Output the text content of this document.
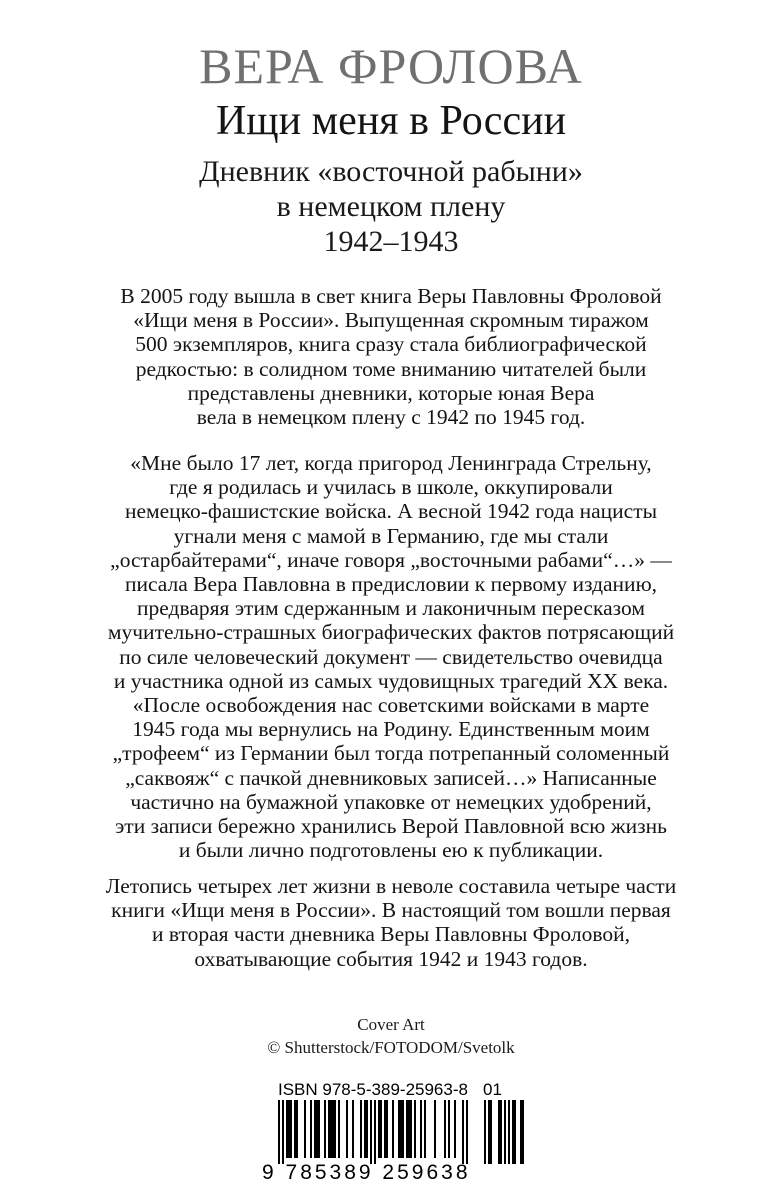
ВЕРА ФРОЛОВА
Ищи меня в России
Дневник «восточной рабыни»
в немецком плену
1942–1943
В 2005 году вышла в свет книга Веры Павловны Фроловой
«Ищи меня в России». Выпущенная скромным тиражом
500 экземпляров, книга сразу стала библиографической
редкостью: в солидном томе вниманию читателей были
представлены дневники, которые юная Вера
вела в немецком плену с 1942 по 1945 год.
«Мне было 17 лет, когда пригород Ленинграда Стрельну,
где я родилась и училась в школе, оккупировали
немецко-фашистские войска. А весной 1942 года нацисты
угнали меня с мамой в Германию, где мы стали
„остарбайтерами“, иначе говоря „восточными рабами“…» —
писала Вера Павловна в предисловии к первому изданию,
предваряя этим сдержанным и лаконичным пересказом
мучительно-страшных биографических фактов потрясающий
по силе человеческий документ — свидетельство очевидца
и участника одной из самых чудовищных трагедий XX века.
«После освобождения нас советскими войсками в марте
1945 года мы вернулись на Родину. Единственным моим
„трофеем“ из Германии был тогда потрепанный соломенный
„саквояж“ с пачкой дневниковых записей…» Написанные
частично на бумажной упаковке от немецких удобрений,
эти записи бережно хранились Верой Павловной всю жизнь
и были лично подготовлены ею к публикации.
Летопись четырех лет жизни в неволе составила четыре части
книги «Ищи меня в России». В настоящий том вошли первая
и вторая части дневника Веры Павловны Фроловой,
охватывающие события 1942 и 1943 годов.
Cover Art
© Shutterstock/FOTODOM/Svetolk
ISBN 978-5-389-25963-8 01
9 785389 259638
